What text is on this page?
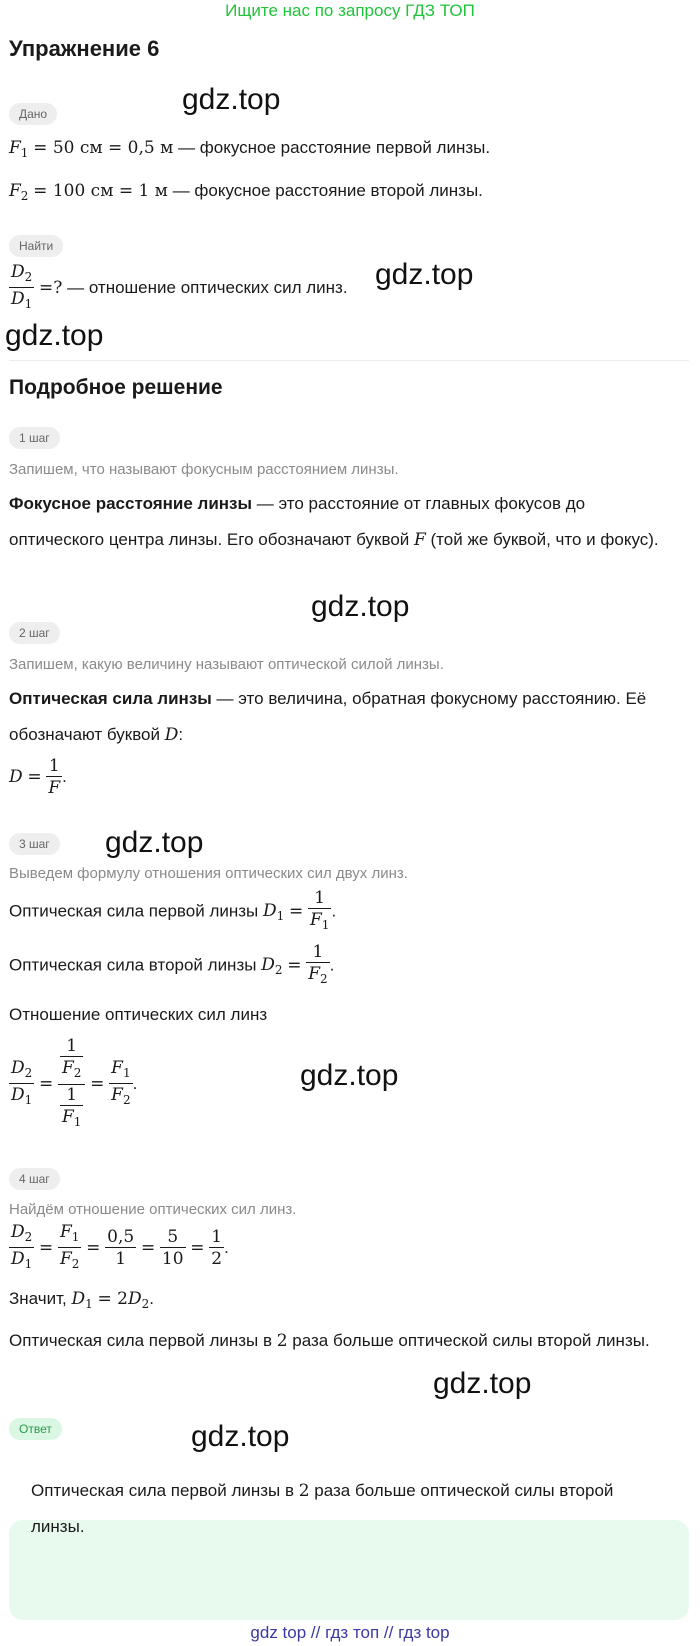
Ищите нас по запросу ГДЗ ТОП
Упражнение 6
Дано
$F_1 = 50$ см = 0,5 м — фокусное расстояние первой линзы.
$F_2 = 100$ см = 1 м — фокусное расстояние второй линзы.
Найти
$\frac{D_2}{D_1}$ =? — отношение оптических сил линз.
Подробное решение
1 шаг
Запишем, что называют фокусным расстоянием линзы.
Фокусное расстояние линзы — это расстояние от главных фокусов до оптического центра линзы. Его обозначают буквой F (той же буквой, что и фокус).
2 шаг
Запишем, какую величину называют оптической силой линзы.
Оптическая сила линзы — это величина, обратная фокусному расстоянию. Её обозначают буквой D:
$D = \frac{1}{F}$ .
3 шаг
Выведем формулу отношения оптических сил двух линз.
Оптическая сила первой линзы $D_1 = \frac{1}{F_1}$ .
Оптическая сила второй линзы $D_2 = \frac{1}{F_2}$ .
Отношение оптических сил линз
$\frac{D_2}{D_1} = \frac{\frac{1}{F_2}}{\frac{1}{F_1}} = \frac{F_1}{F_2}$ .
4 шаг
Найдём отношение оптических сил линз.
$\frac{D_2}{D_1} = \frac{F_1}{F_2} = \frac{0,5}{1} = \frac{5}{10} = \frac{1}{2}$ .
Значит, $D_1 = 2D_2$.
Оптическая сила первой линзы в 2 раза больше оптической силы второй линзы.
Ответ
Оптическая сила первой линзы в 2 раза больше оптической силы второй линзы.
gdz.top
gdz.top
gdz.top
gdz.top
gdz.top
gdz.top
gdz.top
gdz.top
gdz top // гдз топ // гдз top
